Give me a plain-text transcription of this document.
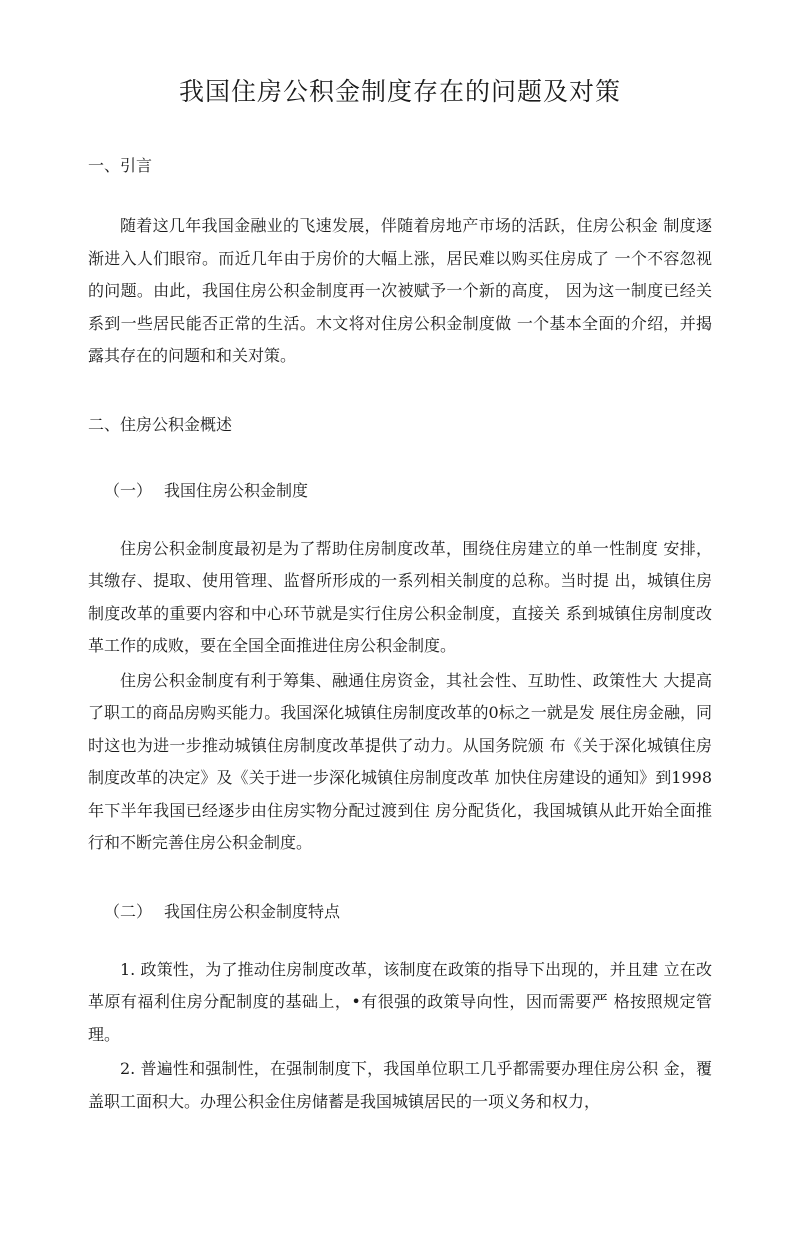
我国住房公积金制度存在的问题及对策
一、引言

随着这几年我国金融业的飞速发展，伴随着房地产市场的活跃，住房公积金 制度逐渐进入人们眼帘。而近几年由于房价的大幅上涨，居民难以购买住房成了 一个不容忽视的问题。由此，我国住房公积金制度再一次被赋予一个新的高度， 因为这一制度已经关系到一些居民能否正常的生活。木文将对住房公积金制度做 一个基本全面的介绍，并揭露其存在的问题和和关对策。

二、住房公积金概述
（一） 我国住房公积金制度

住房公积金制度最初是为了帮助住房制度改革，围绕住房建立的单一性制度 安排，其缴存、提取、使用管理、监督所形成的一系列相关制度的总称。当时提 出，城镇住房制度改革的重要内容和中心环节就是实行住房公积金制度，直接关 系到城镇住房制度改革工作的成败，要在全国全面推进住房公积金制度。

住房公积金制度有利于筹集、融通住房资金，其社会性、互助性、政策性大 大提高了职工的商品房购买能力。我国深化城镇住房制度改革的0标之一就是发 展住房金融，同时这也为进一步推动城镇住房制度改革提供了动力。从国务院颁 布《关于深化城镇住房制度改革的决定》及《关于进一步深化城镇住房制度改革 加快住房建设的通知》到1998年下半年我国已经逐步由住房实物分配过渡到住 房分配货化，我国城镇从此开始全面推行和不断完善住房公积金制度。

（二） 我国住房公积金制度特点

1. 政策性，为了推动住房制度改革，该制度在政策的指导下出现的，并且建 立在改革原有福利住房分配制度的基础上，•有很强的政策导向性，因而需要严 格按照规定管理。

2. 普遍性和强制性，在强制制度下，我国单位职工几乎都需要办理住房公积 金，覆盖职工面积大。办理公积金住房储蓄是我国城镇居民的一项义务和权力，
